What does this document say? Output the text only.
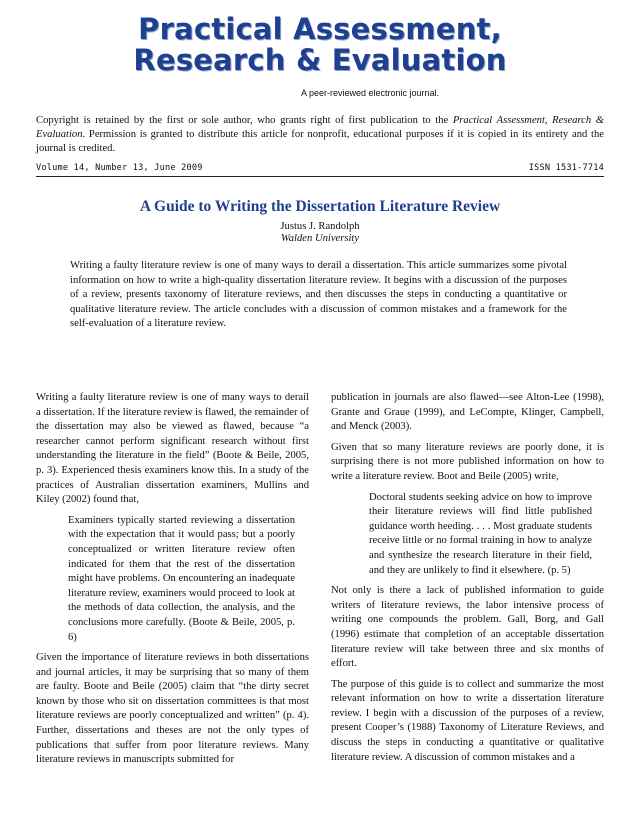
Practical Assessment,
Research & Evaluation
A peer-reviewed electronic journal.
Copyright is retained by the first or sole author, who grants right of first publication to the Practical Assessment, Research & Evaluation. Permission is granted to distribute this article for nonprofit, educational purposes if it is copied in its entirety and the journal is credited.
Volume 14, Number 13, June 2009	ISSN 1531-7714
A Guide to Writing the Dissertation Literature Review
Justus J. Randolph
Walden University
Writing a faulty literature review is one of many ways to derail a dissertation. This article summarizes some pivotal information on how to write a high-quality dissertation literature review. It begins with a discussion of the purposes of a review, presents taxonomy of literature reviews, and then discusses the steps in conducting a quantitative or qualitative literature review. The article concludes with a discussion of common mistakes and a framework for the self-evaluation of a literature review.

Writing a faulty literature review is one of many ways to derail a dissertation. If the literature review is flawed, the remainder of the dissertation may also be viewed as flawed, because “a researcher cannot perform significant research without first understanding the literature in the field” (Boote & Beile, 2005, p. 3). Experienced thesis examiners know this. In a study of the practices of Australian dissertation examiners, Mullins and Kiley (2002) found that,

Examiners typically started reviewing a dissertation with the expectation that it would pass; but a poorly conceptualized or written literature review often indicated for them that the rest of the dissertation might have problems. On encountering an inadequate literature review, examiners would proceed to look at the methods of data collection, the analysis, and the conclusions more carefully. (Boote & Beile, 2005, p. 6)

Given the importance of literature reviews in both dissertations and journal articles, it may be surprising that so many of them are faulty. Boote and Beile (2005) claim that “the dirty secret known by those who sit on dissertation committees is that most literature reviews are poorly conceptualized and written” (p. 4). Further, dissertations and theses are not the only types of publications that suffer from poor literature reviews. Many literature reviews in manuscripts submitted for

publication in journals are also flawed—see Alton-Lee (1998), Grante and Graue (1999), and LeCompte, Klinger, Campbell, and Menck (2003).

Given that so many literature reviews are poorly done, it is surprising there is not more published information on how to write a literature review. Boot and Beile (2005) write,

Doctoral students seeking advice on how to improve their literature reviews will find little published guidance worth heeding. . . . Most graduate students receive little or no formal training in how to analyze and synthesize the research literature in their field, and they are unlikely to find it elsewhere. (p. 5)

Not only is there a lack of published information to guide writers of literature reviews, the labor intensive process of writing one compounds the problem. Gall, Borg, and Gall (1996) estimate that completion of an acceptable dissertation literature review will take between three and six months of effort.

The purpose of this guide is to collect and summarize the most relevant information on how to write a dissertation literature review. I begin with a discussion of the purposes of a review, present Cooper’s (1988) Taxonomy of Literature Reviews, and discuss the steps in conducting a quantitative or qualitative literature review. A discussion of common mistakes and a
